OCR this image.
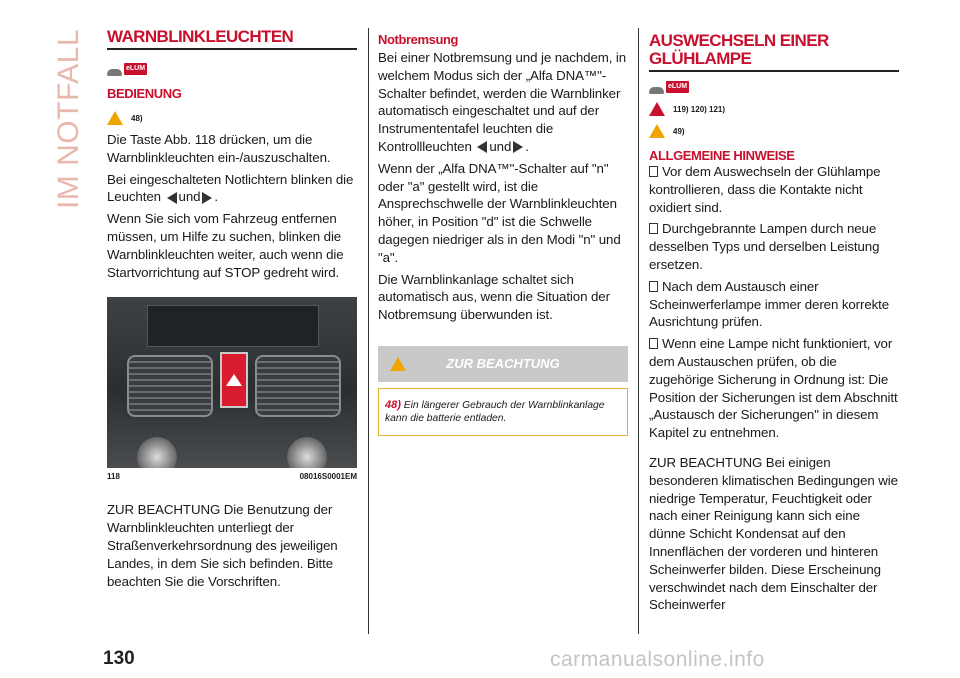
IM NOTFALL WARNBLINKLEUCHTEN
eLUM
BEDIENUNG
48)

Die Taste Abb. 118 drücken, um die Warnblinkleuchten ein-/auszuschalten.

Bei eingeschalteten Notlichtern blinken die Leuchten und .

Wenn Sie sich vom Fahrzeug entfernen müssen, um Hilfe zu suchen, blinken die Warnblinkleuchten weiter, auch wenn die Startvorrichtung auf STOP gedreht wird.

118	08016S0001EM

ZUR BEACHTUNG Die Benutzung der Warnblinkleuchten unterliegt der Straßenverkehrsordnung des jeweiligen Landes, in dem Sie sich befinden. Bitte beachten Sie die Vorschriften.

Notbremsung

Bei einer Notbremsung und je nachdem, in welchem Modus sich der „Alfa DNA™"-Schalter befindet, werden die Warnblinker automatisch eingeschaltet und auf der Instrumententafel leuchten die Kontrollleuchten und .

Wenn der „Alfa DNA™"-Schalter auf "n" oder "a" gestellt wird, ist die Ansprechschwelle der Warnblinkleuchten höher, in Position "d" ist die Schwelle dagegen niedriger als in den Modi "n" und "a".

Die Warnblinkanlage schaltet sich automatisch aus, wenn die Situation der Notbremsung überwunden ist.

ZUR BEACHTUNG
48) Ein längerer Gebrauch der Warnblinkanlage kann die batterie entladen.
AUSWECHSELN EINER
GLÜHLAMPE
eLUM
119) 120) 121)
49)
ALLGEMEINE HINWEISE

Vor dem Auswechseln der Glühlampe kontrollieren, dass die Kontakte nicht oxidiert sind.

Durchgebrannte Lampen durch neue desselben Typs und derselben Leistung ersetzen.

Nach dem Austausch einer Scheinwerferlampe immer deren korrekte Ausrichtung prüfen.

Wenn eine Lampe nicht funktioniert, vor dem Austauschen prüfen, ob die zugehörige Sicherung in Ordnung ist: Die Position der Sicherungen ist dem Abschnitt „Austausch der Sicherungen" in diesem Kapitel zu entnehmen.

ZUR BEACHTUNG Bei einigen besonderen klimatischen Bedingungen wie niedrige Temperatur, Feuchtigkeit oder nach einer Reinigung kann sich eine dünne Schicht Kondensat auf den Innenflächen der vorderen und hinteren Scheinwerfer bilden. Diese Erscheinung verschwindet nach dem Einschalter der Scheinwerfer

130	carmanualsonline.info
